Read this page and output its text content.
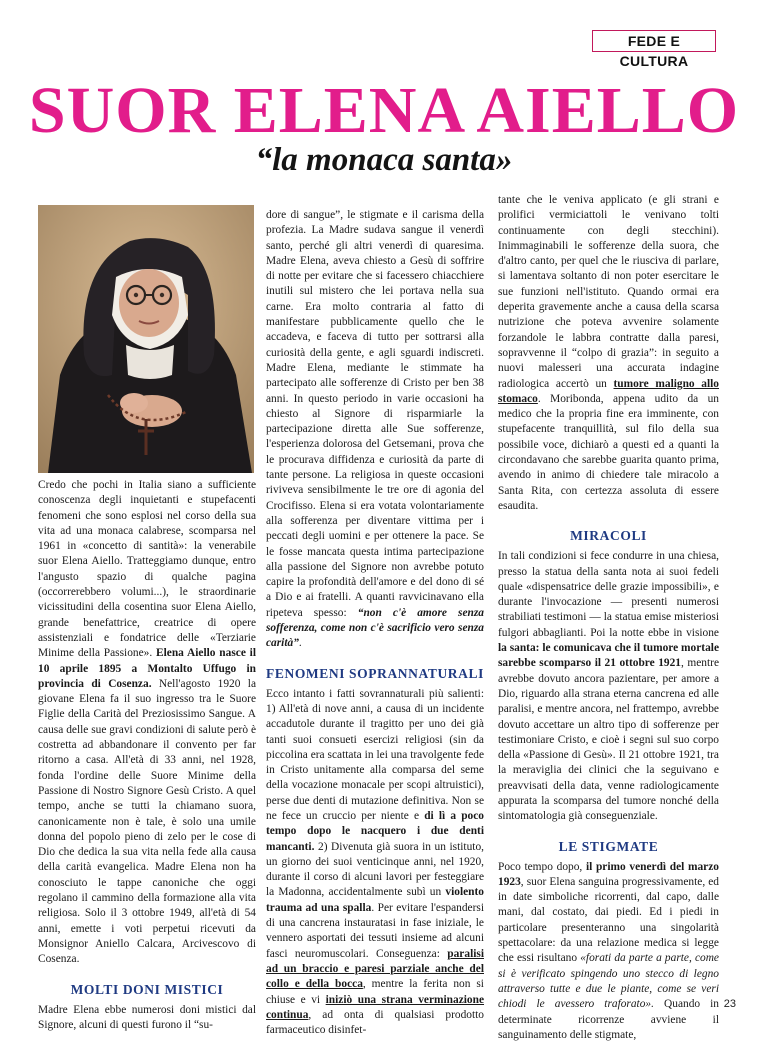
FEDE E CULTURA
SUOR ELENA AIELLO
“la monaca santa»

Credo che pochi in Italia siano a sufficiente conoscenza degli inquietanti e stupefacenti fenomeni che sono esplosi nel corso della sua vita ad una monaca calabrese, scomparsa nel 1961 in «concetto di santità»: la venerabile suor Elena Aiello. Tratteggiamo dunque, entro l'angusto spazio di qualche pagina (occorrerebbero volumi...), le straordinarie vicissitudini della cosentina suor Elena Aiello, grande benefattrice, creatrice di opere assistenziali e fondatrice delle «Terziarie Minime della Passione». Elena Aiello nasce il 10 aprile 1895 a Montalto Uffugo in provincia di Cosenza. Nell'agosto 1920 la giovane Elena fa il suo ingresso tra le Suore Figlie della Carità del Preziosissimo Sangue. A causa delle sue gravi condizioni di salute però è costretta ad abbandonare il convento per far ritorno a casa. All'età di 33 anni, nel 1928, fonda l'ordine delle Suore Minime della Passione di Nostro Signore Gesù Cristo. A quel tempo, anche se tutti la chiamano suora, canonicamente non è tale, è solo una umile donna del popolo pieno di zelo per le cose di Dio che dedica la sua vita nella fede alla causa della carità evangelica. Madre Elena non ha conosciuto le tappe canoniche che oggi regolano il cammino della formazione alla vita religiosa. Solo il 3 ottobre 1949, all'età di 54 anni, emette i voti perpetui ricevuti da Monsignor Aniello Calcara, Arcivescovo di Cosenza.

MOLTI DONI MISTICI

Madre Elena ebbe numerosi doni mistici dal Signore, alcuni di questi furono il “su-

dore di sangue”, le stigmate e il carisma della profezia. La Madre sudava sangue il venerdì santo, perché gli altri venerdì di quaresima. Madre Elena, aveva chiesto a Gesù di soffrire di notte per evitare che si facessero chiacchiere inutili sul mistero che lei portava nella sua carne. Era molto contraria al fatto di manifestare pubblicamente quello che le accadeva, e faceva di tutto per sottrarsi alla curiosità della gente, e agli sguardi indiscreti. Madre Elena, mediante le stimmate ha partecipato alle sofferenze di Cristo per ben 38 anni. In questo periodo in varie occasioni ha chiesto al Signore di risparmiarle la partecipazione diretta alle Sue sofferenze, l'esperienza dolorosa del Getsemani, prova che le procurava diffidenza e curiosità da parte di tante persone. La religiosa in queste occasioni riviveva sensibilmente le tre ore di agonia del Crocifisso. Elena si era votata volontariamente alla sofferenza per diventare vittima per i peccati degli uomini e per ottenere la pace. Se le fosse mancata questa intima partecipazione alla passione del Signore non avrebbe potuto capire la profondità dell'amore e del dono di sé a Dio e ai fratelli. A quanti ravvicinavano ella ripeteva spesso: “non c'è amore senza sofferenza, come non c'è sacrificio vero senza carità”.

FENOMENI SOPRANNATURALI

Ecco intanto i fatti sovrannaturali più salienti: 1) All'età di nove anni, a causa di un incidente accadutole durante il tragitto per uno dei già tanti suoi consueti esercizi religiosi (sin da piccolina era scattata in lei una travolgente fede in Cristo unitamente alla comparsa del seme della vocazione monacale per scopi altruistici), perse due denti di mutazione definitiva. Non se ne fece un cruccio per niente e di lì a poco tempo dopo le nacquero i due denti mancanti. 2) Divenuta già suora in un istituto, un giorno dei suoi venticinque anni, nel 1920, durante il corso di alcuni lavori per festeggiare la Madonna, accidentalmente subì un violento trauma ad una spalla. Per evitare l'espandersi di una cancrena instauratasi in fase iniziale, le vennero asportati dei tessuti insieme ad alcuni fasci neuromuscolari. Conseguenza: paralisi ad un braccio e paresi parziale anche del collo e della bocca, mentre la ferita non si chiuse e vi iniziò una strana verminazione continua, ad onta di qualsiasi prodotto farmaceutico disinfet-

tante che le veniva applicato (e gli strani e prolifici vermiciattoli le venivano tolti continuamente con degli stecchini). Inimmaginabili le sofferenze della suora, che d'altro canto, per quel che le riusciva di parlare, si lamentava soltanto di non poter esercitare le sue funzioni nell'istituto. Quando ormai era deperita gravemente anche a causa della scarsa nutrizione che poteva avvenire solamente forzandole le labbra contratte dalla paresi, sopravvenne il “colpo di grazia”: in seguito a nuovi malesseri una accurata indagine radiologica accertò un tumore maligno allo stomaco. Moribonda, appena udito da un medico che la propria fine era imminente, con stupefacente tranquillità, sul filo della sua possibile voce, dichiarò a questi ed a quanti la circondavano che sarebbe guarita quanto prima, avendo in animo di chiedere tale miracolo a Santa Rita, con certezza assoluta di essere esaudita.

MIRACOLI

In tali condizioni si fece condurre in una chiesa, presso la statua della santa nota ai suoi fedeli quale «dispensatrice delle grazie impossibili», e durante l'invocazione — presenti numerosi strabiliati testimoni — la statua emise misteriosi fulgori abbaglianti. Poi la notte ebbe in visione la santa: le comunicava che il tumore mortale sarebbe scomparso il 21 ottobre 1921, mentre avrebbe dovuto ancora pazientare, per amore a Dio, riguardo alla strana eterna cancrena ed alle paralisi, e mentre ancora, nel frattempo, avrebbe dovuto accettare un altro tipo di sofferenze per testimoniare Cristo, e cioè i segni sul suo corpo della «Passione di Gesù». Il 21 ottobre 1921, tra la meraviglia dei clinici che la seguivano e preavvisati della data, venne radiologicamente appurata la scomparsa del tumore nonché della sintomatologia già conseguenziale.

LE STIGMATE

Poco tempo dopo, il primo venerdì del marzo 1923, suor Elena sanguina progressivamente, ed in date simboliche ricorrenti, dal capo, dalle mani, dal costato, dai piedi. Ed i piedi in particolare presenteranno una singolarità spettacolare: da una relazione medica si legge che essi risultano «forati da parte a parte, come si è verificato spingendo uno stecco di legno attraverso tutte e due le piante, come se veri chiodi le avessero traforato». Quando in determinate ricorrenze avviene il sanguinamento delle stigmate,

23
